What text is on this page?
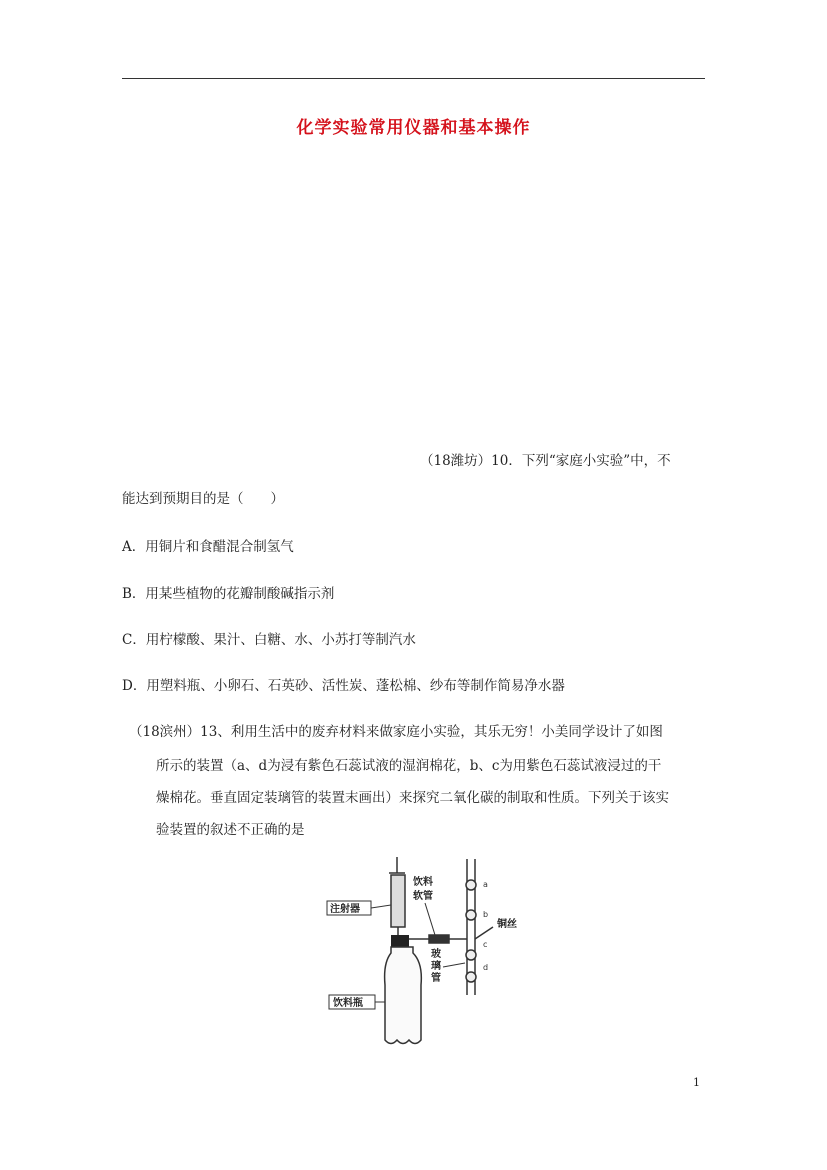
化学实验常用仪器和基本操作
（18潍坊）10．下列“家庭小实验”中，不
能达到预期目的是（　　）
A．用铜片和食醋混合制氢气
B．用某些植物的花瓣制酸碱指示剂
C．用柠檬酸、果汁、白糖、水、小苏打等制汽水
D．用塑料瓶、小卵石、石英砂、活性炭、蓬松棉、纱布等制作简易净水器
（18滨州）13、利用生活中的废弃材料来做家庭小实验，其乐无穷！小美同学设计了如图
所示的装置（a、d为浸有紫色石蕊试液的湿润棉花，b、c为用紫色石蕊试液浸过的干
燥棉花。垂直固定装璃管的装置末画出）来探究二氧化碳的制取和性质。下列关于该实
验装置的叙述不正确的是
注射器
饮料
软管
铜丝
玻
璃
管
a
b
c
d
饮料瓶
1
